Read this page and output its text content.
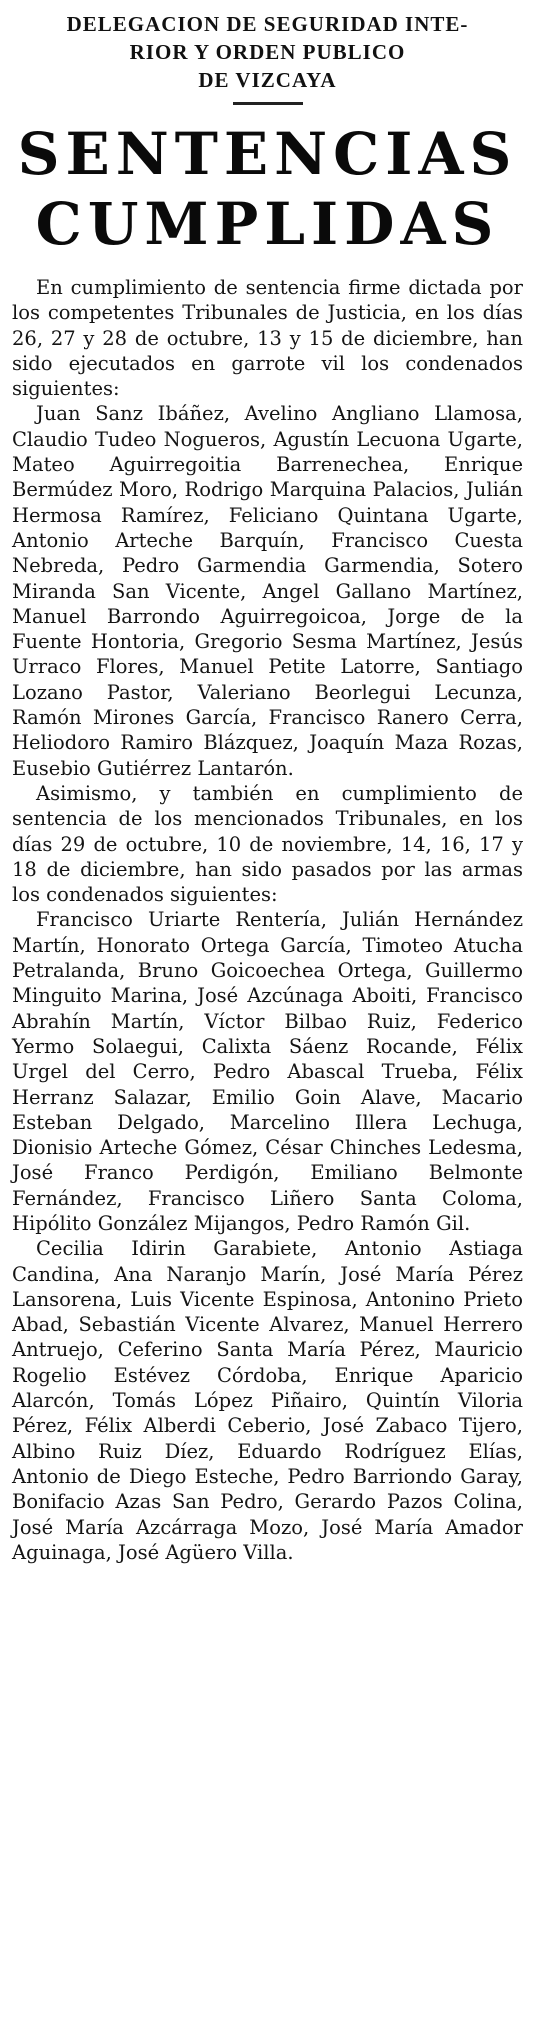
DELEGACION DE SEGURIDAD INTE-
RIOR Y ORDEN PUBLICO
DE VIZCAYA
SENTENCIAS
CUMPLIDAS

En cumplimiento de sentencia firme dictada por los competentes Tribunales de Justicia, en los días 26, 27 y 28 de octubre, 13 y 15 de diciembre, han sido ejecutados en garrote vil los condenados siguientes:

Juan Sanz Ibáñez, Avelino Angliano Llamosa, Claudio Tudeo Nogueros, Agustín Lecuona Ugarte, Mateo Aguirregoitia Barrenechea, Enrique Bermúdez Moro, Rodrigo Marquina Palacios, Julián Hermosa Ramírez, Feliciano Quintana Ugarte, Antonio Arteche Barquín, Francisco Cuesta Nebreda, Pedro Garmendia Garmendia, Sotero Miranda San Vicente, Angel Gallano Martínez, Manuel Barrondo Aguirregoicoa, Jorge de la Fuente Hontoria, Gregorio Sesma Martínez, Jesús Urraco Flores, Manuel Petite Latorre, Santiago Lozano Pastor, Valeriano Beorlegui Lecunza, Ramón Mirones García, Francisco Ranero Cerra, Heliodoro Ramiro Blázquez, Joaquín Maza Rozas, Eusebio Gutiérrez Lantarón.

Asimismo, y también en cumplimiento de sentencia de los mencionados Tribunales, en los días 29 de octubre, 10 de noviembre, 14, 16, 17 y 18 de diciembre, han sido pasados por las armas los condenados siguientes:

Francisco Uriarte Rentería, Julián Hernández Martín, Honorato Ortega García, Timoteo Atucha Petralanda, Bruno Goicoechea Ortega, Guillermo Minguito Marina, José Azcúnaga Aboiti, Francisco Abrahín Martín, Víctor Bilbao Ruiz, Federico Yermo Solaegui, Calixta Sáenz Rocande, Félix Urgel del Cerro, Pedro Abascal Trueba, Félix Herranz Salazar, Emilio Goin Alave, Macario Esteban Delgado, Marcelino Illera Lechuga, Dionisio Arteche Gómez, César Chinches Ledesma, José Franco Perdigón, Emiliano Belmonte Fernández, Francisco Liñero Santa Coloma, Hipólito González Mijangos, Pedro Ramón Gil.

Cecilia Idirin Garabiete, Antonio Astiaga Candina, Ana Naranjo Marín, José María Pérez Lansorena, Luis Vicente Espinosa, Antonino Prieto Abad, Sebastián Vicente Alvarez, Manuel Herrero Antruejo, Ceferino Santa María Pérez, Mauricio Rogelio Estévez Córdoba, Enrique Aparicio Alarcón, Tomás López Piñairo, Quintín Viloria Pérez, Félix Alberdi Ceberio, José Zabaco Tijero, Albino Ruiz Díez, Eduardo Rodríguez Elías, Antonio de Diego Esteche, Pedro Barriondo Garay, Bonifacio Azas San Pedro, Gerardo Pazos Colina, José María Azcárraga Mozo, José María Amador Aguinaga, José Agüero Villa.
